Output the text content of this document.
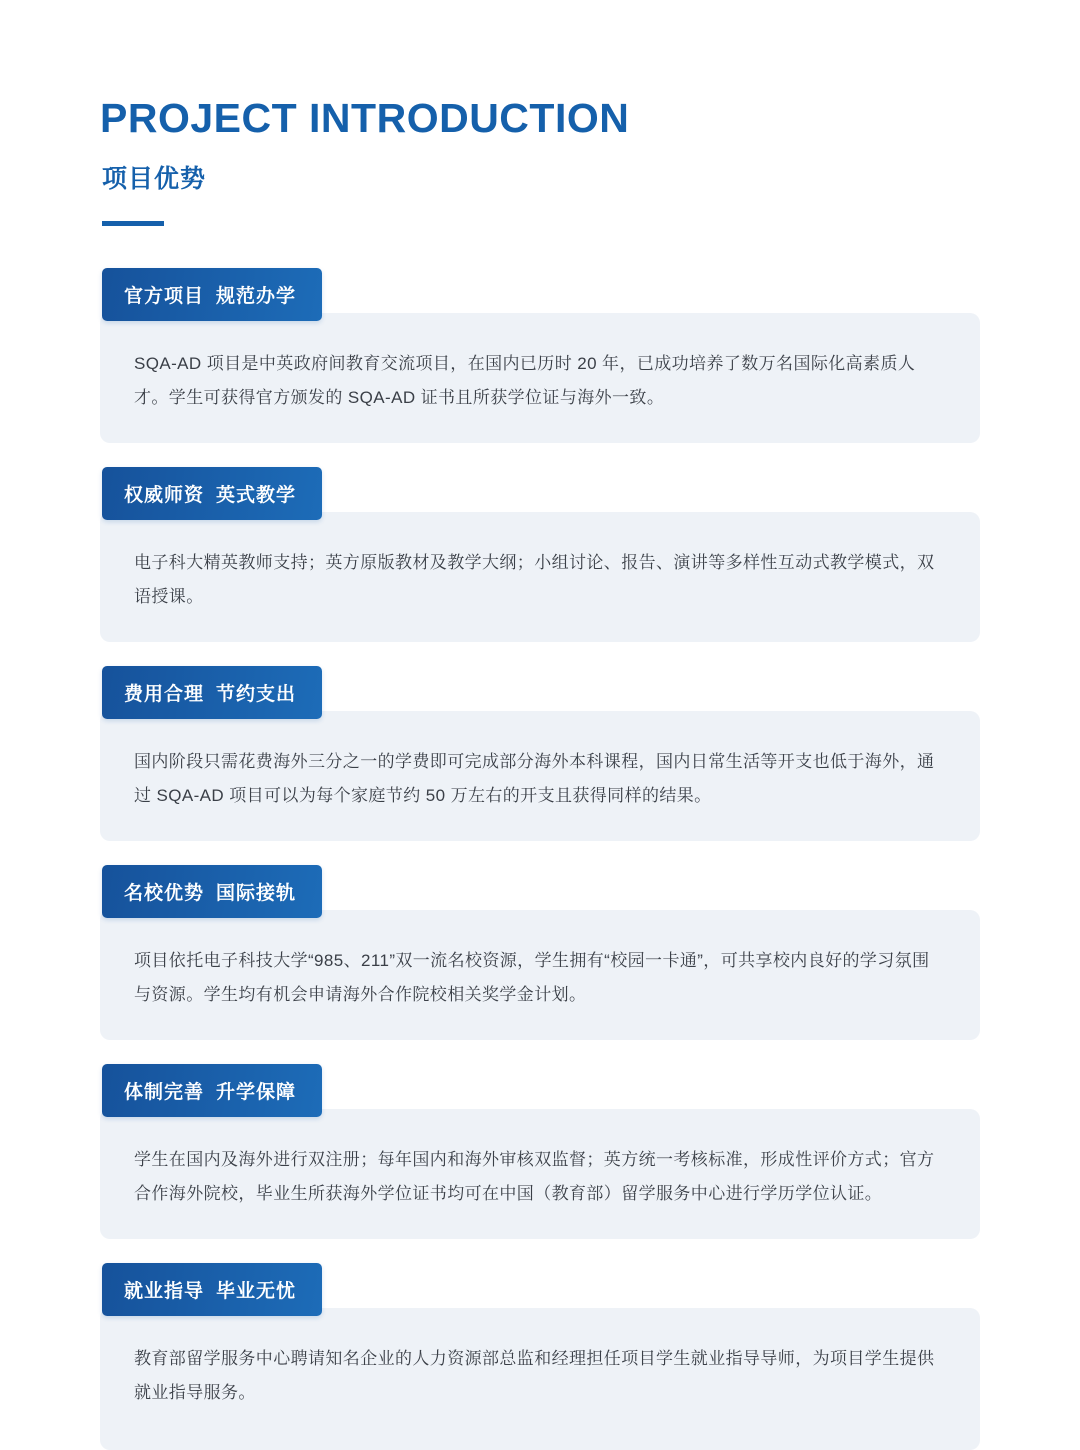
PROJECT INTRODUCTION
项目优势
官方项目 规范办学

SQA-AD 项目是中英政府间教育交流项目，在国内已历时 20 年，已成功培养了数万名国际化高素质人才。学生可获得官方颁发的 SQA-AD 证书且所获学位证与海外一致。

权威师资 英式教学

电子科大精英教师支持；英方原版教材及教学大纲；小组讨论、报告、演讲等多样性互动式教学模式，双语授课。

费用合理 节约支出

国内阶段只需花费海外三分之一的学费即可完成部分海外本科课程，国内日常生活等开支也低于海外，通过 SQA-AD 项目可以为每个家庭节约 50 万左右的开支且获得同样的结果。

名校优势 国际接轨

项目依托电子科技大学“985、211”双一流名校资源，学生拥有“校园一卡通”，可共享校内良好的学习氛围与资源。学生均有机会申请海外合作院校相关奖学金计划。

体制完善 升学保障

学生在国内及海外进行双注册；每年国内和海外审核双监督；英方统一考核标准，形成性评价方式；官方合作海外院校，毕业生所获海外学位证书均可在中国（教育部）留学服务中心进行学历学位认证。

就业指导 毕业无忧

教育部留学服务中心聘请知名企业的人力资源部总监和经理担任项目学生就业指导导师，为项目学生提供就业指导服务。
